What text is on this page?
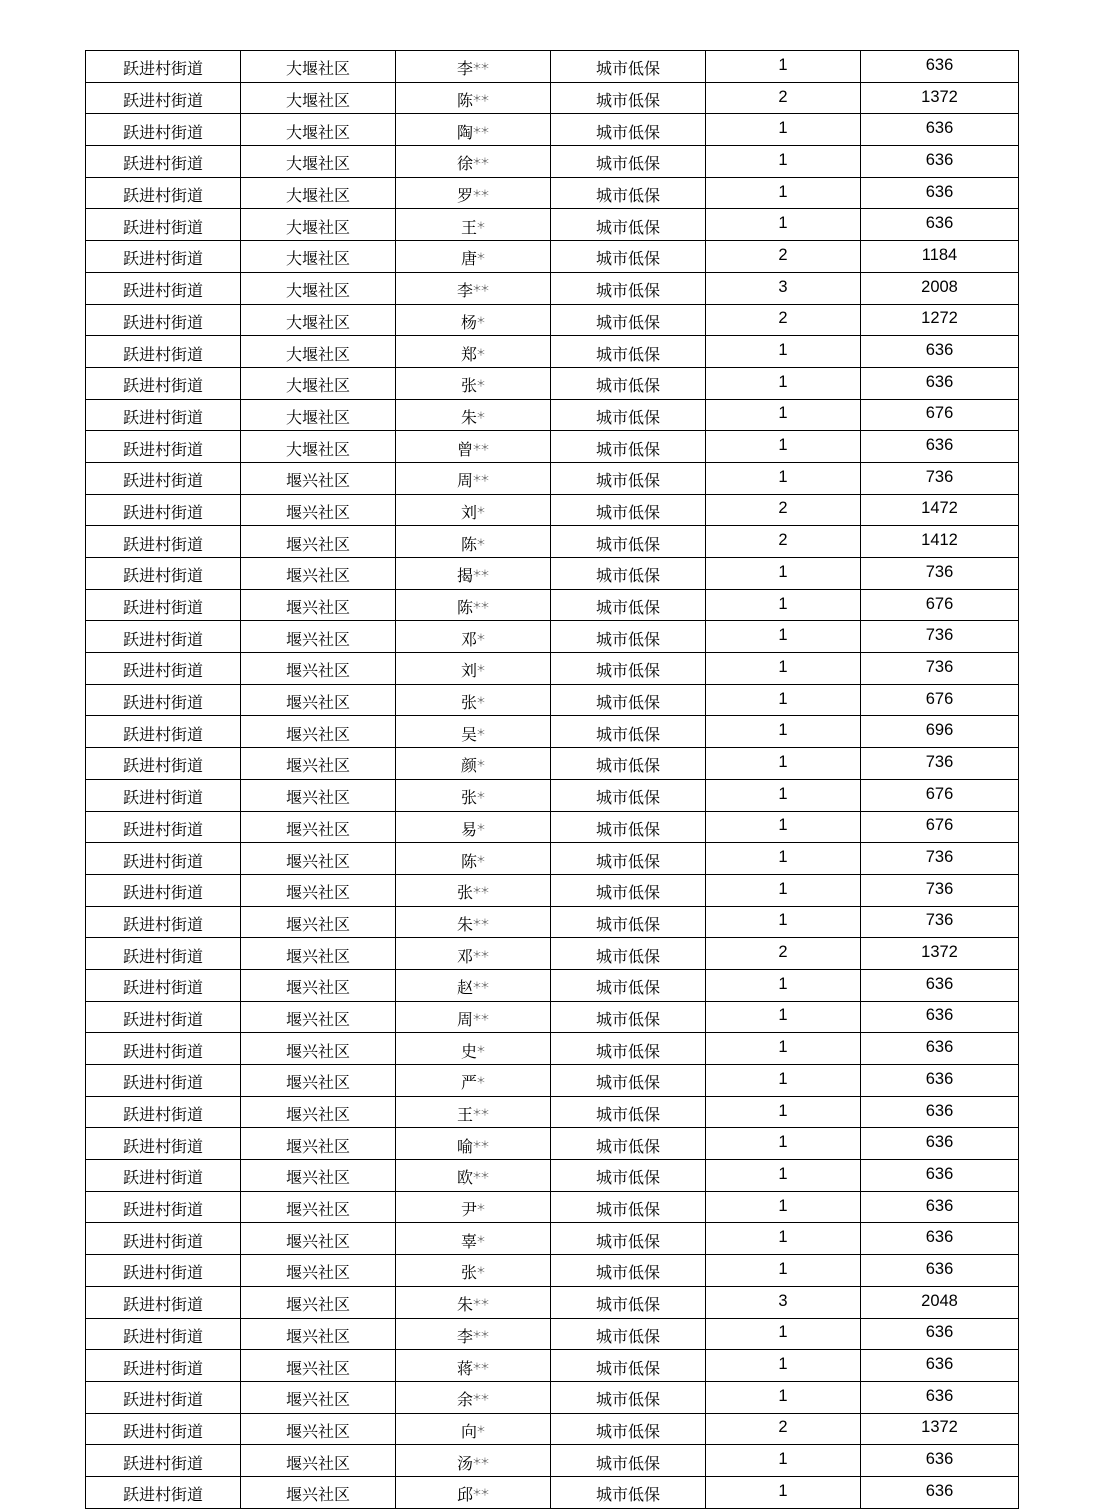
跃进村街道	大堰社区	李**	城市低保	1	636
跃进村街道	大堰社区	陈**	城市低保	2	1372
跃进村街道	大堰社区	陶**	城市低保	1	636
跃进村街道	大堰社区	徐**	城市低保	1	636
跃进村街道	大堰社区	罗**	城市低保	1	636
跃进村街道	大堰社区	王*	城市低保	1	636
跃进村街道	大堰社区	唐*	城市低保	2	1184
跃进村街道	大堰社区	李**	城市低保	3	2008
跃进村街道	大堰社区	杨*	城市低保	2	1272
跃进村街道	大堰社区	郑*	城市低保	1	636
跃进村街道	大堰社区	张*	城市低保	1	636
跃进村街道	大堰社区	朱*	城市低保	1	676
跃进村街道	大堰社区	曾**	城市低保	1	636
跃进村街道	堰兴社区	周**	城市低保	1	736
跃进村街道	堰兴社区	刘*	城市低保	2	1472
跃进村街道	堰兴社区	陈*	城市低保	2	1412
跃进村街道	堰兴社区	揭**	城市低保	1	736
跃进村街道	堰兴社区	陈**	城市低保	1	676
跃进村街道	堰兴社区	邓*	城市低保	1	736
跃进村街道	堰兴社区	刘*	城市低保	1	736
跃进村街道	堰兴社区	张*	城市低保	1	676
跃进村街道	堰兴社区	吴*	城市低保	1	696
跃进村街道	堰兴社区	颜*	城市低保	1	736
跃进村街道	堰兴社区	张*	城市低保	1	676
跃进村街道	堰兴社区	易*	城市低保	1	676
跃进村街道	堰兴社区	陈*	城市低保	1	736
跃进村街道	堰兴社区	张**	城市低保	1	736
跃进村街道	堰兴社区	朱**	城市低保	1	736
跃进村街道	堰兴社区	邓**	城市低保	2	1372
跃进村街道	堰兴社区	赵**	城市低保	1	636
跃进村街道	堰兴社区	周**	城市低保	1	636
跃进村街道	堰兴社区	史*	城市低保	1	636
跃进村街道	堰兴社区	严*	城市低保	1	636
跃进村街道	堰兴社区	王**	城市低保	1	636
跃进村街道	堰兴社区	喻**	城市低保	1	636
跃进村街道	堰兴社区	欧**	城市低保	1	636
跃进村街道	堰兴社区	尹*	城市低保	1	636
跃进村街道	堰兴社区	辜*	城市低保	1	636
跃进村街道	堰兴社区	张*	城市低保	1	636
跃进村街道	堰兴社区	朱**	城市低保	3	2048
跃进村街道	堰兴社区	李**	城市低保	1	636
跃进村街道	堰兴社区	蒋**	城市低保	1	636
跃进村街道	堰兴社区	余**	城市低保	1	636
跃进村街道	堰兴社区	向*	城市低保	2	1372
跃进村街道	堰兴社区	汤**	城市低保	1	636
跃进村街道	堰兴社区	邱**	城市低保	1	636
